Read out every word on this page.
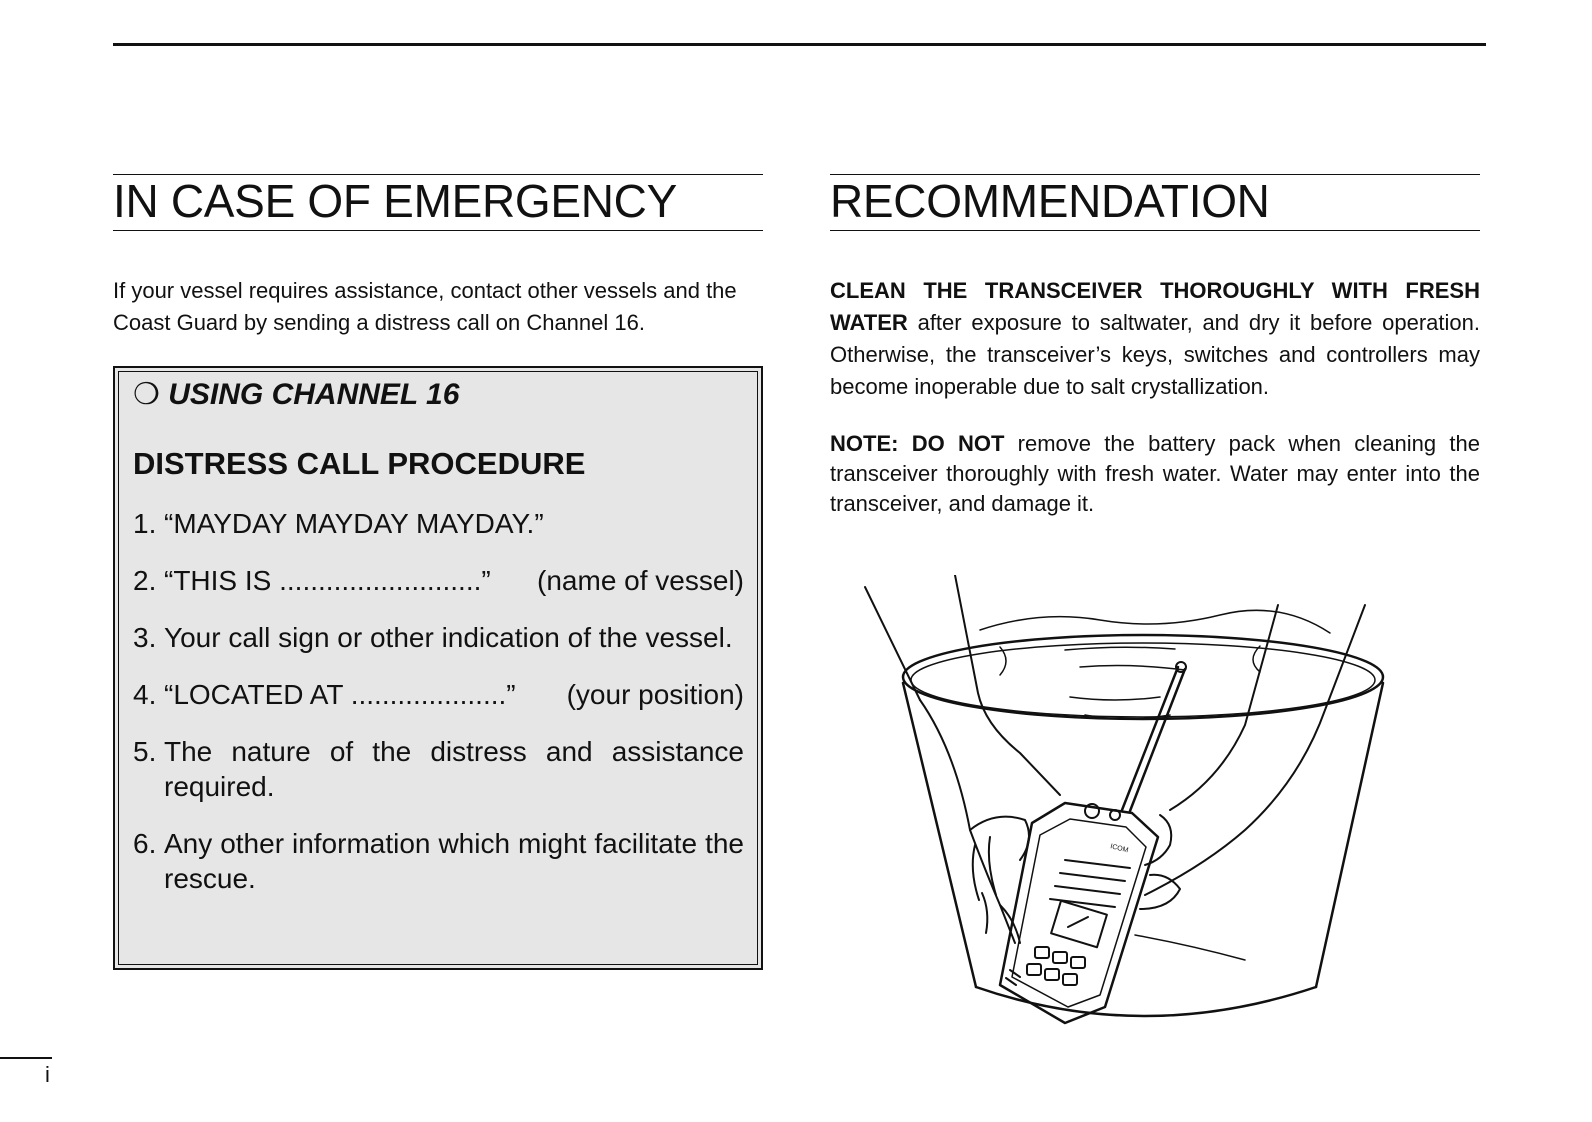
IN CASE OF EMERGENCY

If your vessel requires assistance, contact other vessels and the Coast Guard by sending a distress call on Channel 16.

❍ USING CHANNEL 16
DISTRESS CALL PROCEDURE
1. “MAYDAY MAYDAY MAYDAY.”
2. “THIS IS ..........................” (name of vessel)
3. Your call sign or other indication of the vessel.
4. “LOCATED AT ....................” (your position)
5. The nature of the distress and assistance required.
6. Any other information which might facilitate the rescue.
RECOMMENDATION

CLEAN THE TRANSCEIVER THOROUGHLY WITH FRESH WATER after exposure to saltwater, and dry it before operation. Otherwise, the transceiver’s keys, switches and controllers may become inoperable due to salt crystallization.

NOTE: DO NOT remove the battery pack when cleaning the transceiver thoroughly with fresh water. Water may enter into the transceiver, and damage it.

ICOM
i
